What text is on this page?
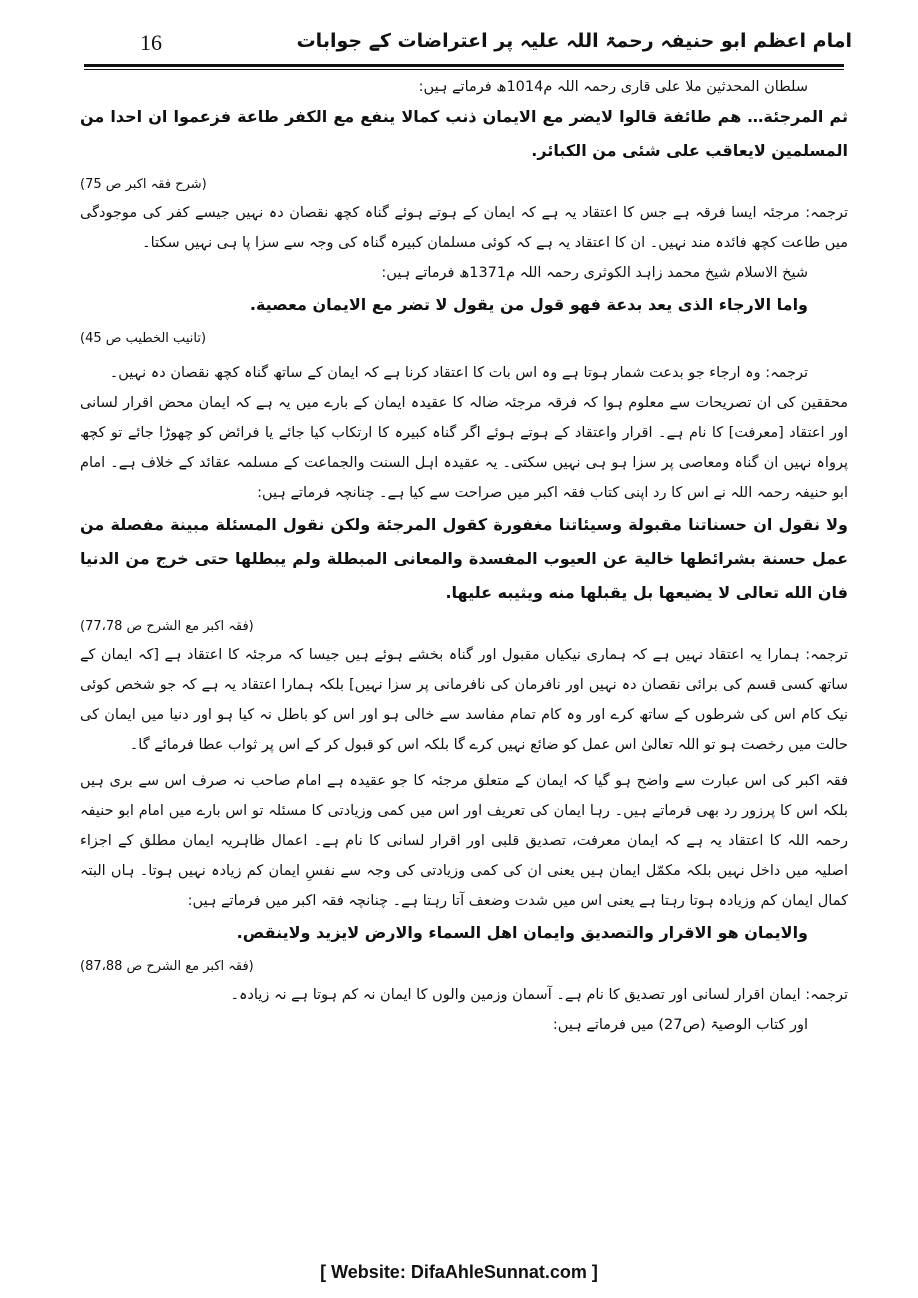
امام اعظم ابو حنیفہ رحمۃ اللہ علیہ پر اعتراضات کے جوابات
16

سلطان المحدثین ملا علی قاری رحمہ اللہ م1014ھ فرماتے ہیں:

ثم المرجئة… هم طائفة قالوا لايضر مع الايمان ذنب كمالا ينفع مع الكفر طاعة فزعموا ان احدا من المسلمين لايعاقب على شئى من الكبائر.

(شرح فقہ اکبر ص 75)

ترجمہ: مرجئہ ایسا فرقہ ہے جس کا اعتقاد یہ ہے کہ ایمان کے ہوتے ہوئے گناہ کچھ نقصان دہ نہیں جیسے کفر کی موجودگی میں طاعت کچھ فائدہ مند نہیں۔ ان کا اعتقاد یہ ہے کہ کوئی مسلمان کبیرہ گناہ کی وجہ سے سزا پا ہی نہیں سکتا۔

شیخ الاسلام شیخ محمد زاہد الکوثری رحمہ اللہ م1371ھ فرماتے ہیں:

واما الارجاء الذى يعد بدعة فهو قول من يقول لا تضر مع الايمان معصية.

(تانیب الخطیب ص 45)

ترجمہ: وہ ارجاء جو بدعت شمار ہوتا ہے وہ اس بات کا اعتقاد کرنا ہے کہ ایمان کے ساتھ گناہ کچھ نقصان دہ نہیں۔

محققین کی ان تصریحات سے معلوم ہوا کہ فرقہ مرجئہ ضالہ کا عقیدہ ایمان کے بارے میں یہ ہے کہ ایمان محض اقرار لسانی اور اعتقاد [معرفت] کا نام ہے۔ اقرار واعتقاد کے ہوتے ہوئے اگر گناہ کبیرہ کا ارتکاب کیا جائے یا فرائض کو چھوڑا جائے تو کچھ پرواہ نہیں ان گناہ ومعاصی پر سزا ہو ہی نہیں سکتی۔ یہ عقیدہ اہل السنت والجماعت کے مسلمہ عقائد کے خلاف ہے۔ امام ابو حنیفہ رحمہ اللہ نے اس کا رد اپنی کتاب فقہ اکبر میں صراحت سے کیا ہے۔ چنانچہ فرماتے ہیں:

ولا نقول ان حسناتنا مقبولة وسيئاتنا مغفورة كقول المرجئة ولكن نقول المسئلة مبينة مفصلة من عمل حسنة بشرائطها خالية عن العيوب المفسدة والمعانى المبطلة ولم يبطلها حتى خرج من الدنيا فان الله تعالى لا يضيعها بل يقبلها منه ويثيبه عليها.

(فقہ اکبر مع الشرح ص 77،78)

ترجمہ: ہمارا یہ اعتقاد نہیں ہے کہ ہماری نیکیاں مقبول اور گناہ بخشے ہوئے ہیں جیسا کہ مرجئہ کا اعتقاد ہے [کہ ایمان کے ساتھ کسی قسم کی برائی نقصان دہ نہیں اور نافرمان کی نافرمانی پر سزا نہیں] بلکہ ہمارا اعتقاد یہ ہے کہ جو شخص کوئی نیک کام اس کی شرطوں کے ساتھ کرے اور وہ کام تمام مفاسد سے خالی ہو اور اس کو باطل نہ کیا ہو اور دنیا میں ایمان کی حالت میں رخصت ہو تو اللہ تعالیٰ اس عمل کو ضائع نہیں کرے گا بلکہ اس کو قبول کر کے اس پر ثواب عطا فرمائے گا۔

فقہ اکبر کی اس عبارت سے واضح ہو گیا کہ ایمان کے متعلق مرجئہ کا جو عقیدہ ہے امام صاحب نہ صرف اس سے بری ہیں بلکہ اس کا پرزور رد بھی فرماتے ہیں۔ رہا ایمان کی تعریف اور اس میں کمی وزیادتی کا مسئلہ تو اس بارے میں امام ابو حنیفہ رحمہ اللہ کا اعتقاد یہ ہے کہ ایمان معرفت، تصدیق قلبی اور اقرار لسانی کا نام ہے۔ اعمال ظاہریہ ایمان مطلق کے اجزاء اصلیہ میں داخل نہیں بلکہ مکمّل ایمان ہیں یعنی ان کی کمی وزیادتی کی وجہ سے نفسِ ایمان کم زیادہ نہیں ہوتا۔ ہاں البتہ کمال ایمان کم وزیادہ ہوتا رہتا ہے یعنی اس میں شدت وضعف آتا رہتا ہے۔ چنانچہ فقہ اکبر میں فرماتے ہیں:

والايمان هو الاقرار والتصديق وايمان اهل السماء والارض لايزيد ولاينقص.

(فقہ اکبر مع الشرح ص 87،88)

ترجمہ: ایمان اقرار لسانی اور تصدیق کا نام ہے۔ آسمان وزمین والوں کا ایمان نہ کم ہوتا ہے نہ زیادہ۔

اور کتاب الوصیۃ (ص27) میں فرماتے ہیں:

[ Website: DifaAhleSunnat.com ]
